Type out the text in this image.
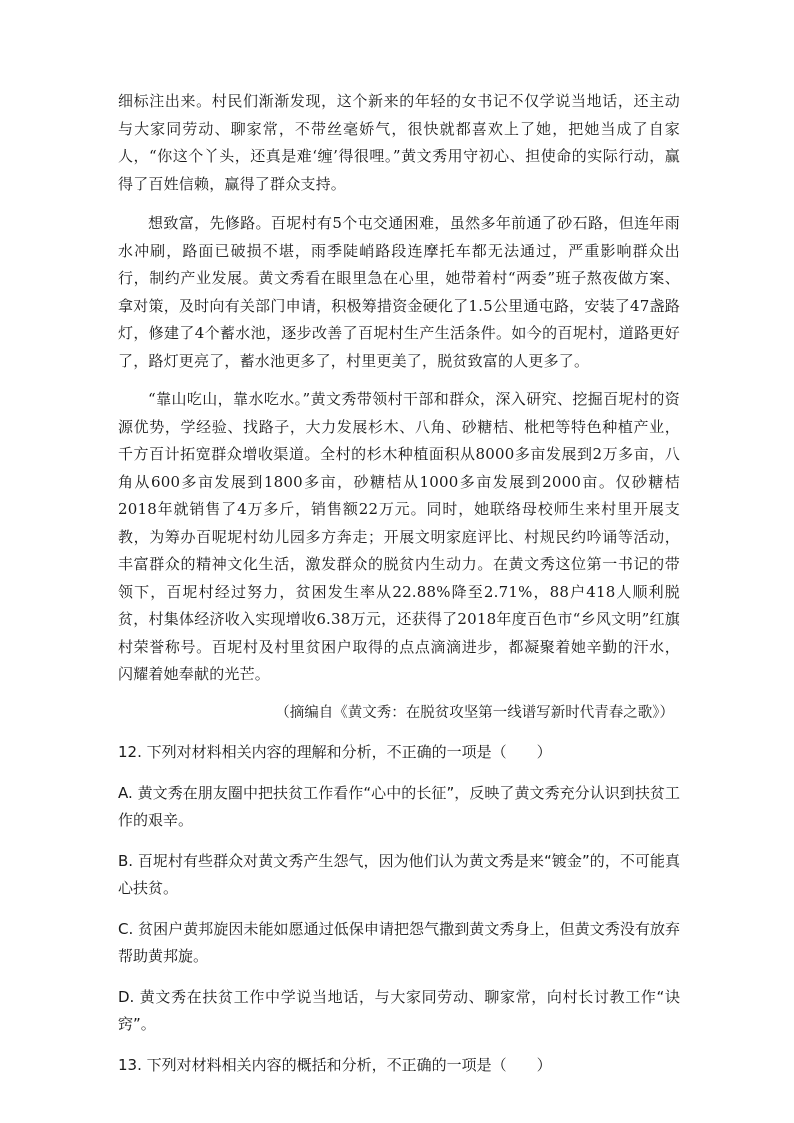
细标注出来。村民们渐渐发现，这个新来的年轻的女书记不仅学说当地话，还主动与大家同劳动、聊家常，不带丝毫娇气，很快就都喜欢上了她，把她当成了自家人，“你这个丫头，还真是难‘缠’得很哩。”黄文秀用守初心、担使命的实际行动，赢得了百姓信赖，赢得了群众支持。

想致富，先修路。百坭村有5个屯交通困难，虽然多年前通了砂石路，但连年雨水冲刷，路面已破损不堪，雨季陡峭路段连摩托车都无法通过，严重影响群众出行，制约产业发展。黄文秀看在眼里急在心里，她带着村“两委”班子熬夜做方案、拿对策，及时向有关部门申请，积极筹措资金硬化了1.5公里通屯路，安装了47盏路灯，修建了4个蓄水池，逐步改善了百坭村生产生活条件。如今的百坭村，道路更好了，路灯更亮了，蓄水池更多了，村里更美了，脱贫致富的人更多了。

“靠山吃山，靠水吃水。”黄文秀带领村干部和群众，深入研究、挖掘百坭村的资源优势，学经验、找路子，大力发展杉木、八角、砂糖桔、枇杷等特色种植产业，千方百计拓宽群众增收渠道。全村的杉木种植面积从8000多亩发展到2万多亩，八角从600多亩发展到1800多亩，砂糖桔从1000多亩发展到2000亩。仅砂糖桔2018年就销售了4万多斤，销售额22万元。同时，她联络母校师生来村里开展支教，为筹办百呢坭村幼儿园多方奔走；开展文明家庭评比、村规民约吟诵等活动，丰富群众的精神文化生活，激发群众的脱贫内生动力。在黄文秀这位第一书记的带领下，百坭村经过努力，贫困发生率从22.88%降至2.71%，88户418人顺利脱贫，村集体经济收入实现增收6.38万元，还获得了2018年度百色市“乡风文明”红旗村荣誉称号。百坭村及村里贫困户取得的点点滴滴进步，都凝聚着她辛勤的汗水，闪耀着她奉献的光芒。

（摘编自《黄文秀：在脱贫攻坚第一线谱写新时代青春之歌》）

12. 下列对材料相关内容的理解和分析，不正确的一项是（　　）

A. 黄文秀在朋友圈中把扶贫工作看作“心中的长征”，反映了黄文秀充分认识到扶贫工作的艰辛。

B. 百坭村有些群众对黄文秀产生怨气，因为他们认为黄文秀是来“镀金”的，不可能真心扶贫。

C. 贫困户黄邦旋因未能如愿通过低保申请把怨气撒到黄文秀身上，但黄文秀没有放弃帮助黄邦旋。

D. 黄文秀在扶贫工作中学说当地话，与大家同劳动、聊家常，向村长讨教工作“诀窍”。

13. 下列对材料相关内容的概括和分析，不正确的一项是（　　）
